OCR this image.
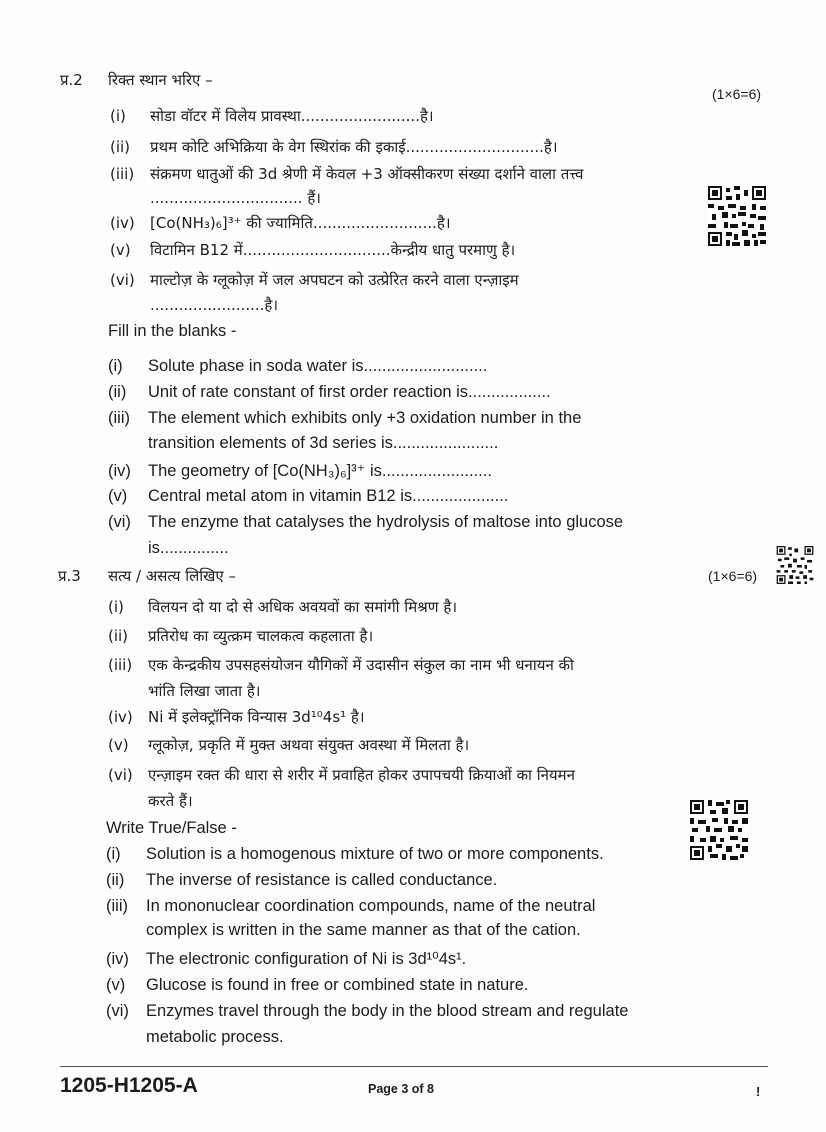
प्र.2 रिक्त स्थान भरिए –
(1×6=6)
(i) सोडा वॉटर में विलेय प्रावस्था.........................है।
(ii) प्रथम कोटि अभिक्रिया के वेग स्थिरांक की इकाई.............................है।
(iii) संक्रमण धातुओं की 3d श्रेणी में केवल +3 ऑक्सीकरण संख्या दर्शाने वाला तत्त्व
................................ हैं।
(iv) [Co(NH₃)₆]³⁺ की ज्यामिति..........................है।
(v) विटामिन B12 में...............................केन्द्रीय धातु परमाणु है।
(vi) माल्टोज़ के ग्लूकोज़ में जल अपघटन को उत्प्रेरित करने वाला एन्ज़ाइम
........................है।
Fill in the blanks -
(i) Solute phase in soda water is...........................
(ii) Unit of rate constant of first order reaction is..................
(iii) The element which exhibits only +3 oxidation number in the
transition elements of 3d series is.......................
(iv) The geometry of [Co(NH₃)₆]³⁺ is........................
(v) Central metal atom in vitamin B12 is.....................
(vi) The enzyme that catalyses the hydrolysis of maltose into glucose
is...............
प्र.3 सत्य / असत्य लिखिए –	(1×6=6)
(i) विलयन दो या दो से अधिक अवयवों का समांगी मिश्रण है।
(ii) प्रतिरोध का व्युत्क्रम चालकत्व कहलाता है।
(iii) एक केन्द्रकीय उपसहसंयोजन यौगिकों में उदासीन संकुल का नाम भी धनायन की
भांति लिखा जाता है।
(iv) Ni में इलेक्ट्रॉनिक विन्यास 3d¹⁰4s¹ है।
(v) ग्लूकोज़, प्रकृति में मुक्त अथवा संयुक्त अवस्था में मिलता है।
(vi) एन्ज़ाइम रक्त की धारा से शरीर में प्रवाहित होकर उपापचयी क्रियाओं का नियमन
करते हैं।
Write True/False -
(i) Solution is a homogenous mixture of two or more components.
(ii) The inverse of resistance is called conductance.
(iii) In mononuclear coordination compounds, name of the neutral
complex is written in the same manner as that of the cation.
(iv) The electronic configuration of Ni is 3d¹⁰4s¹.
(v) Glucose is found in free or combined state in nature.
(vi) Enzymes travel through the body in the blood stream and regulate
metabolic process.
1205-H1205-A	Page 3 of 8	!
